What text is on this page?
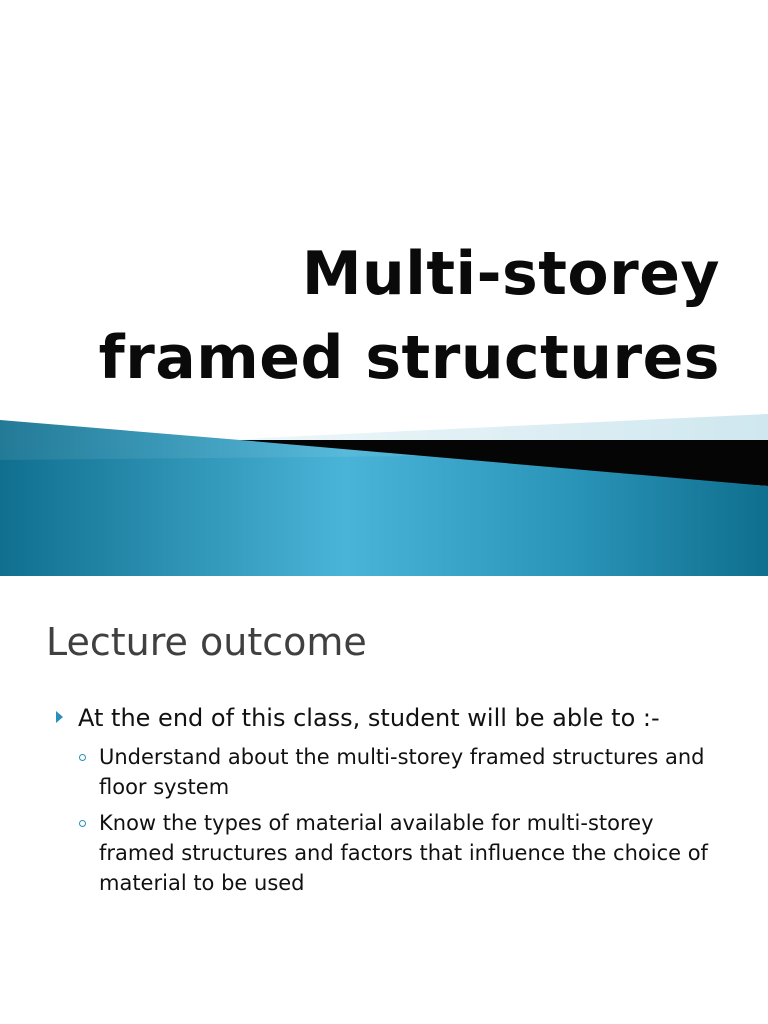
Multi-storey
framed structures
Lecture outcome
At the end of this class, student will be able to :-
Understand about the multi-storey framed structures and floor system
Know the types of material available for multi-storey framed structures and factors that influence the choice of material to be used
